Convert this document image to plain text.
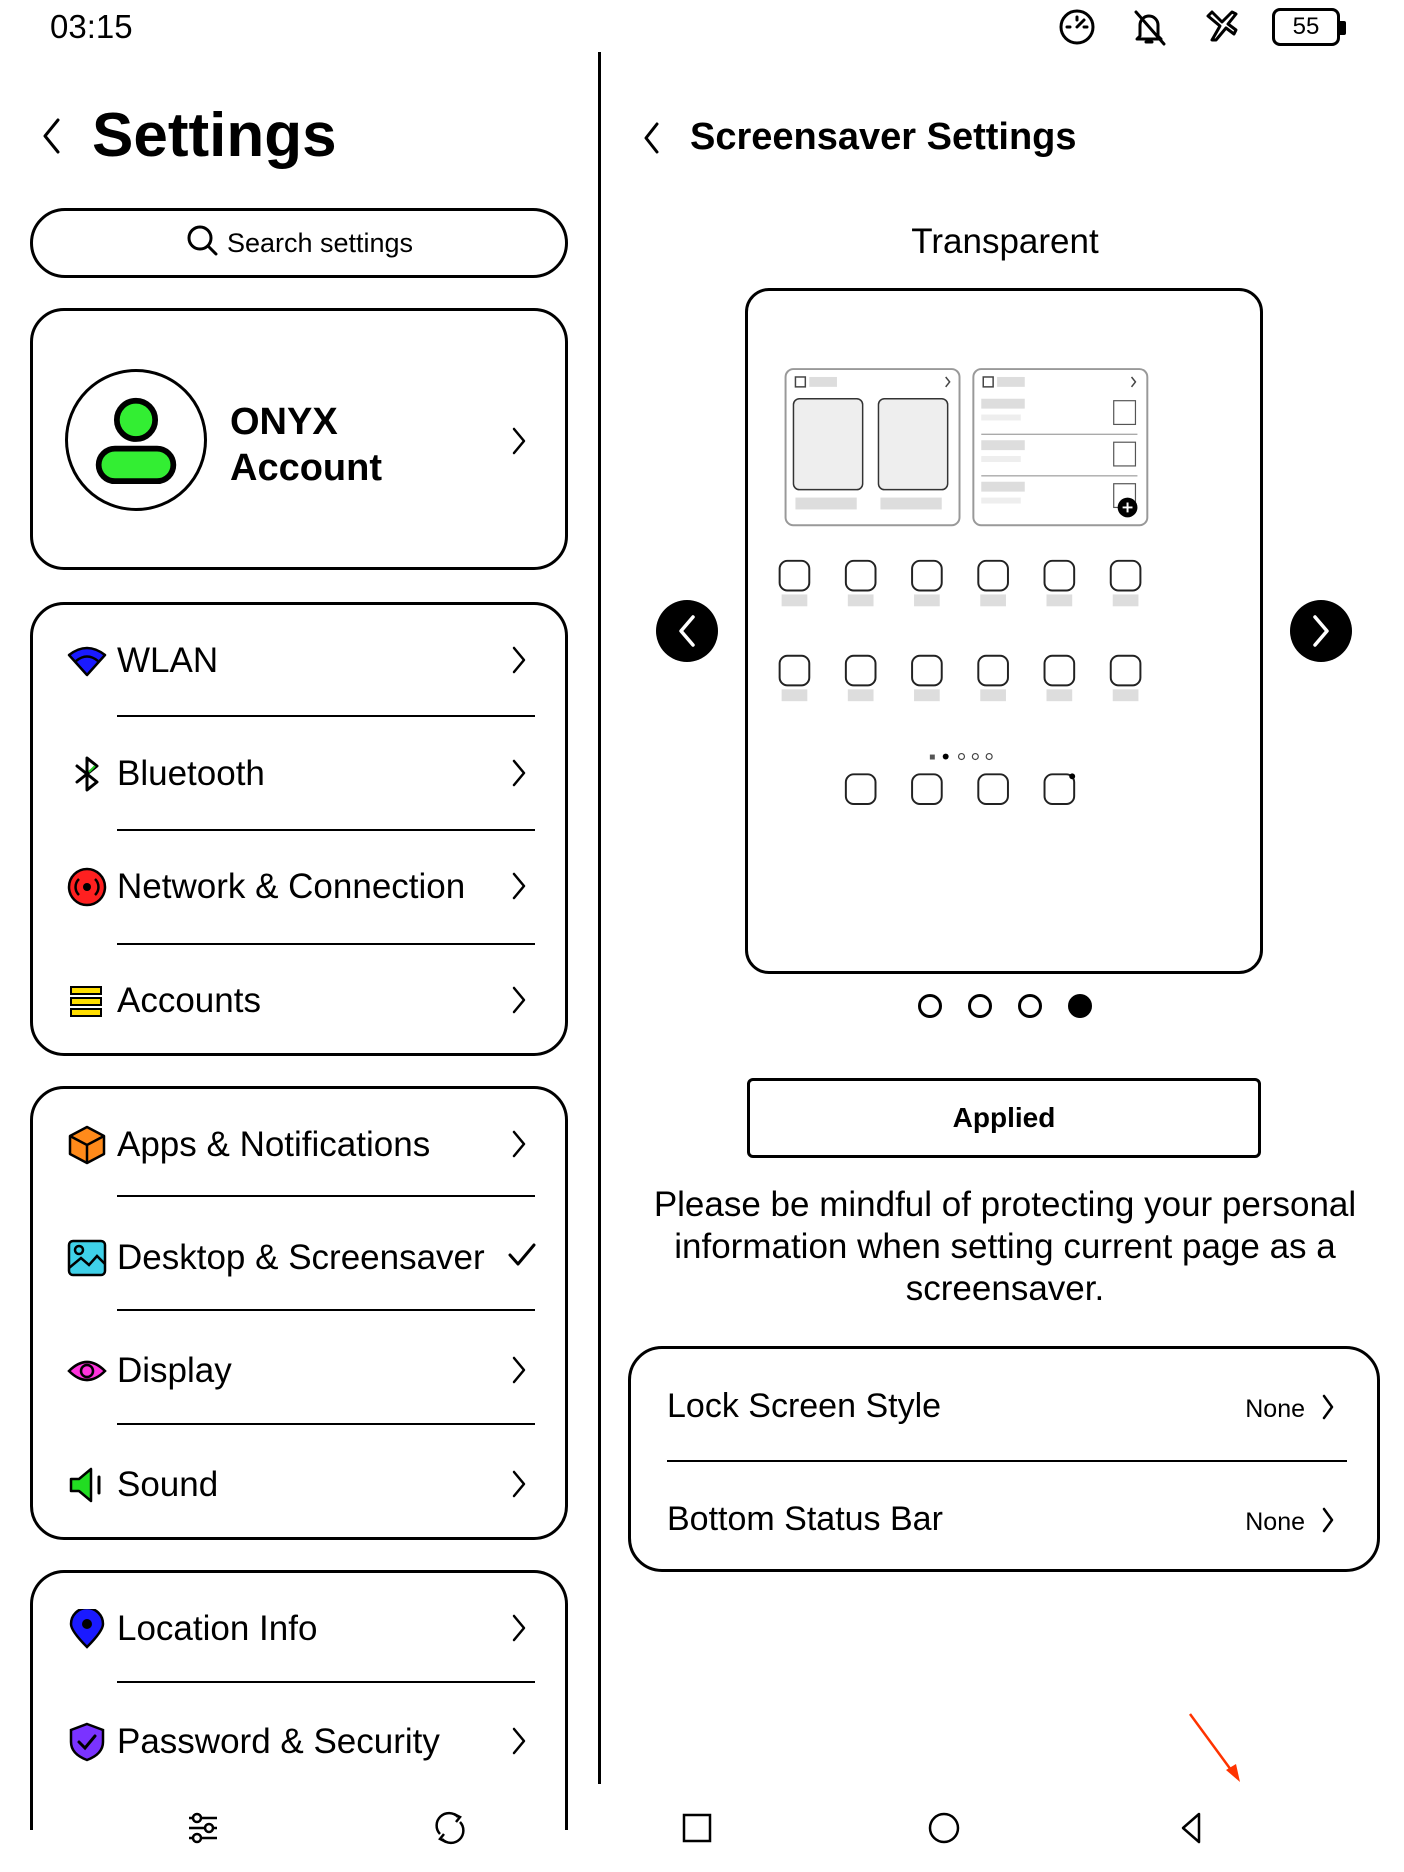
03:15	55
Settings
Search settings
ONYX
Account
WLAN
Bluetooth
Network & Connection
Accounts
Apps & Notifications
Desktop & Screensaver
Display
Sound
Location Info
Password & Security
Screensaver Settings
Transparent
Applied
Please be mindful of protecting your personal information when setting current page as a screensaver.
Lock Screen Style	None
Bottom Status Bar	None
